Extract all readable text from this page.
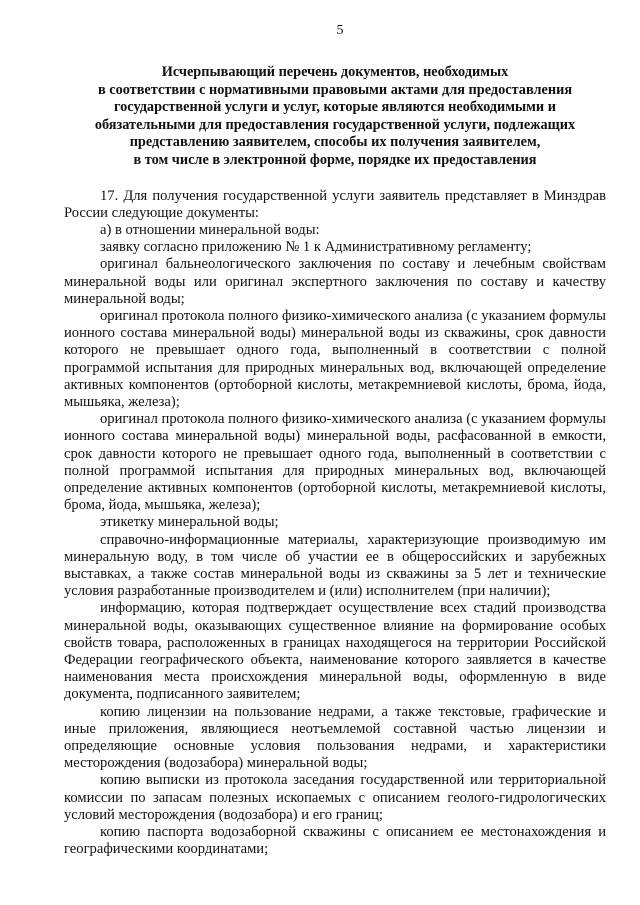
5
Исчерпывающий перечень документов, необходимых
в соответствии с нормативными правовыми актами для предоставления
государственной услуги и услуг, которые являются необходимыми и
обязательными для предоставления государственной услуги, подлежащих
представлению заявителем, способы их получения заявителем,
в том числе в электронной форме, порядке их предоставления

17. Для получения государственной услуги заявитель представляет в Минздрав России следующие документы:

а) в отношении минеральной воды:

заявку согласно приложению № 1 к Административному регламенту;

оригинал бальнеологического заключения по составу и лечебным свойствам минеральной воды или оригинал экспертного заключения по составу и качеству минеральной воды;

оригинал протокола полного физико-химического анализа (с указанием формулы ионного состава минеральной воды) минеральной воды из скважины, срок давности которого не превышает одного года, выполненный в соответствии с полной программой испытания для природных минеральных вод, включающей определение активных компонентов (ортоборной кислоты, метакремниевой кислоты, брома, йода, мышьяка, железа);

оригинал протокола полного физико-химического анализа (с указанием формулы ионного состава минеральной воды) минеральной воды, расфасованной в емкости, срок давности которого не превышает одного года, выполненный в соответствии с полной программой испытания для природных минеральных вод, включающей определение активных компонентов (ортоборной кислоты, метакремниевой кислоты, брома, йода, мышьяка, железа);

этикетку минеральной воды;

справочно-информационные материалы, характеризующие производимую им минеральную воду, в том числе об участии ее в общероссийских и зарубежных выставках, а также состав минеральной воды из скважины за 5 лет и технические условия разработанные производителем и (или) исполнителем (при наличии);

информацию, которая подтверждает осуществление всех стадий производства минеральной воды, оказывающих существенное влияние на формирование особых свойств товара, расположенных в границах находящегося на территории Российской Федерации географического объекта, наименование которого заявляется в качестве наименования места происхождения минеральной воды, оформленную в виде документа, подписанного заявителем;

копию лицензии на пользование недрами, а также текстовые, графические и иные приложения, являющиеся неотъемлемой составной частью лицензии и определяющие основные условия пользования недрами, и характеристики месторождения (водозабора) минеральной воды;

копию выписки из протокола заседания государственной или территориальной комиссии по запасам полезных ископаемых с описанием геолого-гидрологических условий месторождения (водозабора) и его границ;

копию паспорта водозаборной скважины с описанием ее местонахождения и географическими координатами;
